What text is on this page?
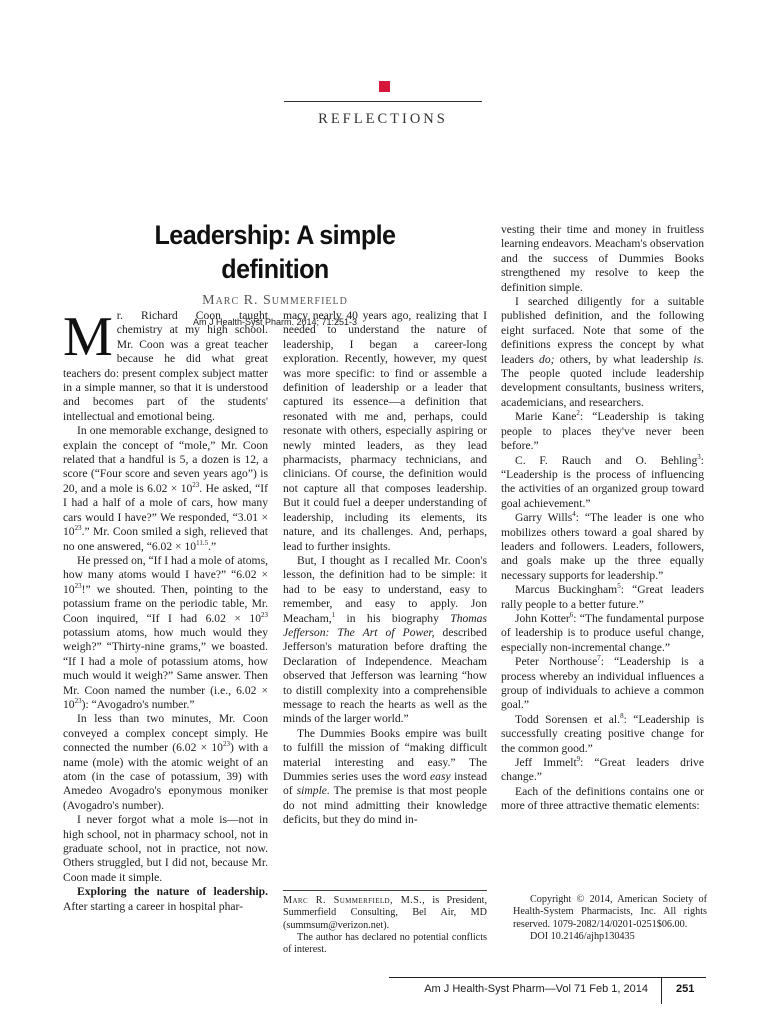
REFLECTIONS
Leadership: A simple definition
Marc R. Summerfield
Am J Health-Syst Pharm. 2014; 71:251-3

Mr. Richard Coon taught chemistry at my high school. Mr. Coon was a great teacher because he did what great teachers do: present complex subject matter in a simple manner, so that it is understood and becomes part of the students' intellectual and emotional being.

In one memorable exchange, designed to explain the concept of “mole,” Mr. Coon related that a handful is 5, a dozen is 12, a score (“Four score and seven years ago”) is 20, and a mole is $6.02 \times 10^{23}$. He asked, “If I had a half of a mole of cars, how many cars would I have?” We responded, “$3.01 \times 10^{23}$.” Mr. Coon smiled a sigh, relieved that no one answered, “$6.02 \times 10^{11.5}$.”

He pressed on, “If I had a mole of atoms, how many atoms would I have?” “$6.02 \times 10^{23}$!” we shouted. Then, pointing to the potassium frame on the periodic table, Mr. Coon inquired, “If I had $6.02 \times 10^{23}$ potassium atoms, how much would they weigh?” “Thirty-nine grams,” we boasted. “If I had a mole of potassium atoms, how much would it weigh?” Same answer. Then Mr. Coon named the number (i.e., $6.02 \times 10^{23}$): “Avogadro's number.”

In less than two minutes, Mr. Coon conveyed a complex concept simply. He connected the number $(6.02 \times 10^{23})$ with a name (mole) with the atomic weight of an atom (in the case of potassium, 39) with Amedeo Avogadro's eponymous moniker (Avogadro's number).

I never forgot what a mole is—not in high school, not in pharmacy school, not in graduate school, not in practice, not now. Others struggled, but I did not, because Mr. Coon made it simple.

Exploring the nature of leadership. After starting a career in hospital phar-

macy nearly 40 years ago, realizing that I needed to understand the nature of leadership, I began a career-long exploration. Recently, however, my quest was more specific: to find or assemble a definition of leadership or a leader that captured its essence—a definition that resonated with me and, perhaps, could resonate with others, especially aspiring or newly minted leaders, as they lead pharmacists, pharmacy technicians, and clinicians. Of course, the definition would not capture all that composes leadership. But it could fuel a deeper understanding of leadership, including its elements, its nature, and its challenges. And, perhaps, lead to further insights.

But, I thought as I recalled Mr. Coon's lesson, the definition had to be simple: it had to be easy to understand, easy to remember, and easy to apply. Jon Meacham,$^1$ in his biography Thomas Jefferson: The Art of Power, described Jefferson's maturation before drafting the Declaration of Independence. Meacham observed that Jefferson was learning “how to distill complexity into a comprehensible message to reach the hearts as well as the minds of the larger world.”

The Dummies Books empire was built to fulfill the mission of “making difficult material interesting and easy.” The Dummies series uses the word easy instead of simple. The premise is that most people do not mind admitting their knowledge deficits, but they do mind in-

vesting their time and money in fruitless learning endeavors. Meacham's observation and the success of Dummies Books strengthened my resolve to keep the definition simple.

I searched diligently for a suitable published definition, and the following eight surfaced. Note that some of the definitions express the concept by what leaders do; others, by what leadership is. The people quoted include leadership development consultants, business writers, academicians, and researchers.

Marie Kane$^2$: “Leadership is taking people to places they've never been before.”

C. F. Rauch and O. Behling$^3$: “Leadership is the process of influencing the activities of an organized group toward goal achievement.”

Garry Wills$^4$: “The leader is one who mobilizes others toward a goal shared by leaders and followers. Leaders, followers, and goals make up the three equally necessary supports for leadership.”

Marcus Buckingham$^5$: “Great leaders rally people to a better future.”

John Kotter$^6$: “The fundamental purpose of leadership is to produce useful change, especially non-incremental change.”

Peter Northouse$^7$: “Leadership is a process whereby an individual influences a group of individuals to achieve a common goal.”

Todd Sorensen et al.$^8$: “Leadership is successfully creating positive change for the common good.”

Jeff Immelt$^9$: “Great leaders drive change.”

Each of the definitions contains one or more of three attractive thematic elements:

Marc R. Summerfield, M.S., is President, Summerfield Consulting, Bel Air, MD (summsum@verizon.net).

The author has declared no potential conflicts of interest.

Copyright © 2014, American Society of Health-System Pharmacists, Inc. All rights reserved. 1079-2082/14/0201-0251$06.00.

DOI 10.2146/ajhp130435

Am J Health-Syst Pharm—Vol 71 Feb 1, 2014	251
